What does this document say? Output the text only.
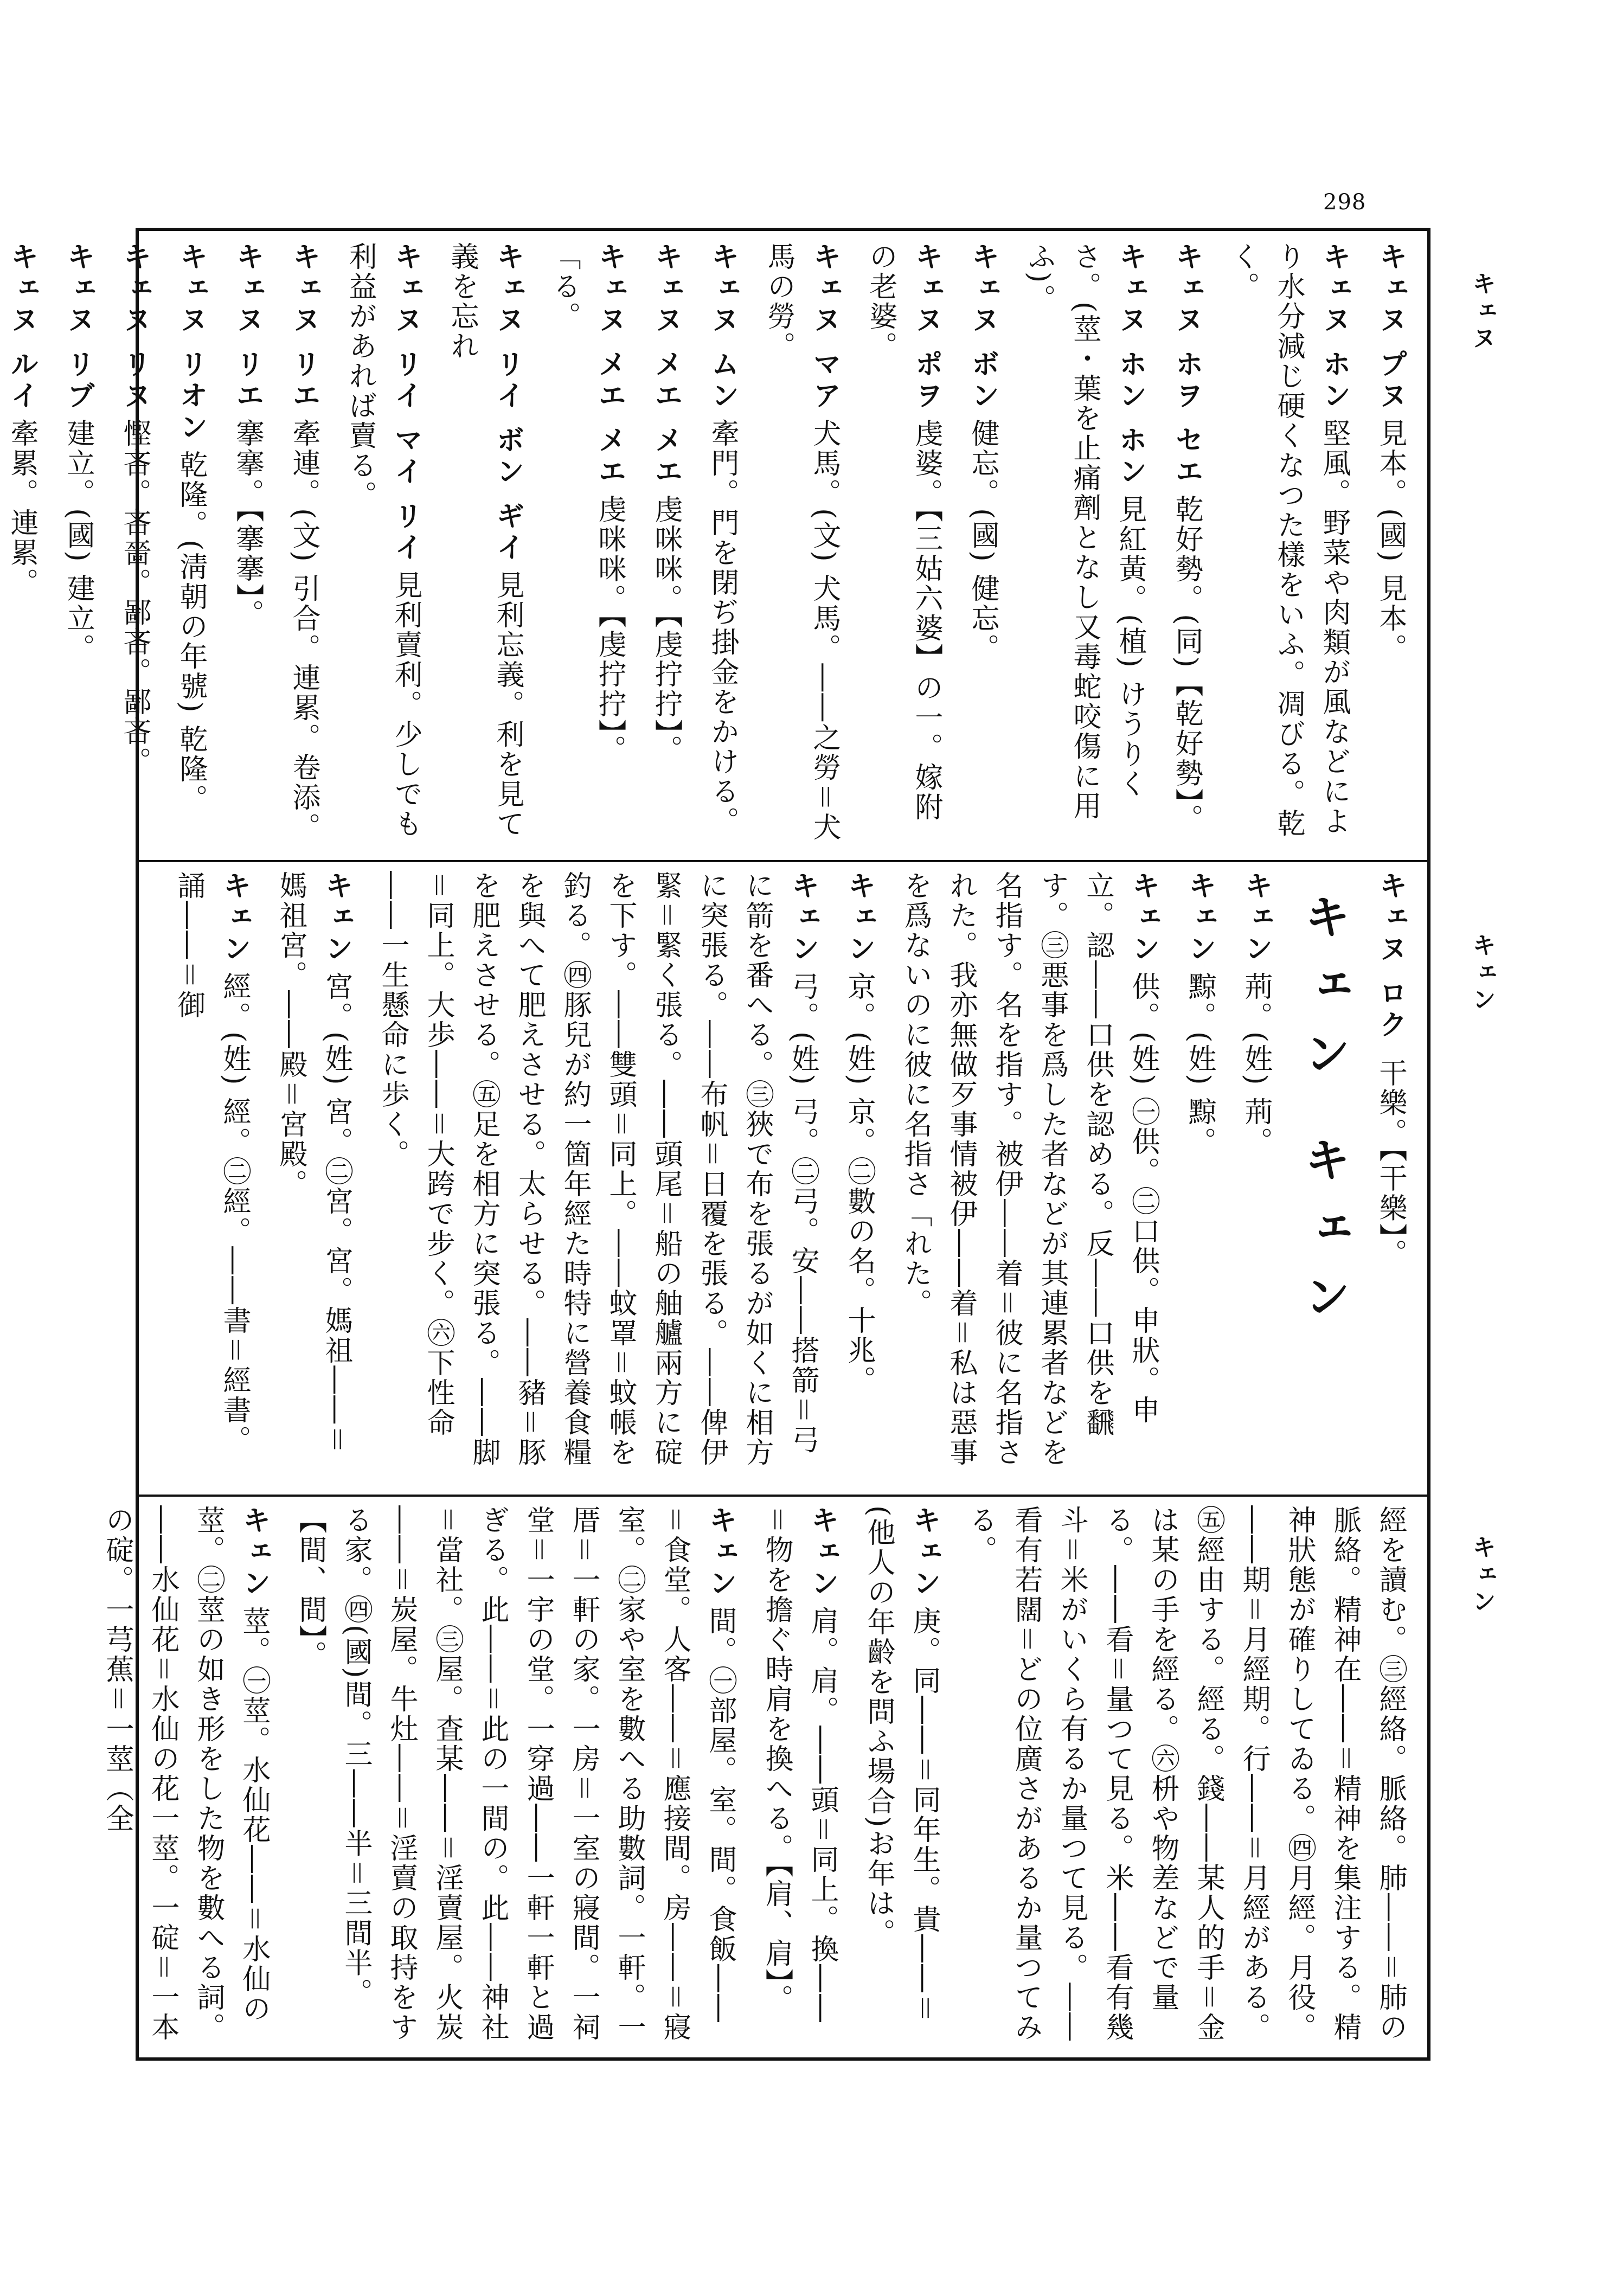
298
キェヌ
キェン
キェン
キェヌ プヌ見本。(國) 見本。
キェヌ ホン堅風。野菜や肉類が風などにより水分減じ硬くなつた樣をいふ。凋びる。乾く。
キェヌ ホヲ セエ乾好勢。(同)【乾好勢】。
キェヌ ホン ホン見紅黃。(植) けうりくさ。(莖・葉を止痛劑となし又毒蛇咬傷に用ふ)。
キェヌ ボン健忘。(國) 健忘。
キェヌ ポヲ虔婆。【三姑六婆】の一。嫁附の老婆。
キェヌ マア犬馬。(文) 犬馬。――之勞＝犬馬の勞。
キェヌ ムン牽門。門を閉ぢ掛金をかける。
キェヌ メエ メエ虔咪咪。【虔拧拧】。
キェヌ メエ メエ虔咪咪。【虔拧拧】。 「る。
キェヌ リイ ボン ギイ見利忘義。利を見て義を忘れ
キェヌ リイ マイ リイ見利賣利。少しでも利益があれば賣る。
キェヌ リエ牽連。(文) 引合。連累。卷添。
キェヌ リエ搴搴。【搴搴】。
キェヌ リオン乾隆。(淸朝の年號) 乾隆。
キェヌ リヌ慳吝。吝嗇。鄙吝。鄙吝。
キェヌ リブ建立。(國) 建立。
キェヌ ルイ牽累。連累。
キェヌ ロク 干樂。【干樂】。
キェン キェン
キェン荊。(姓) 荊。
キェン黥。(姓) 黥。
キェン供。(姓) ㊀供。㊁口供。申狀。申立。認――口供を認める。反――口供を飜す。㊂悪事を爲した者などが其連累者などを名指す。名を指す。被伊――着＝彼に名指された。我亦無做歹事情被伊――着＝私は惡事を爲ないのに彼に名指さ「れた。
キェン京。(姓) 京。㊁數の名。十兆。
キェン弓。(姓) 弓。㊁弓。安――搭箭＝弓に箭を番へる。㊂狹で布を張るが如くに相方に突張る。――布帆＝日覆を張る。――俾伊緊＝緊く張る。――頭尾＝船の舳艫兩方に碇を下す。――雙頭＝同上。――蚊罩＝蚊帳を釣る。㊃豚兒が約一箇年經た時特に營養食糧を與へて肥えさせる。太らせる。――豬＝豚を肥えさせる。㊄足を相方に突張る。――脚＝同上。大歩――＝大跨で步く。㊅下性命――一生懸命に歩く。
キェン宮。(姓) 宮。㊁宮。宮。媽祖――＝媽祖宮。――殿＝宮殿。
キェン經。(姓) 經。㊁經。――書＝經書。誦――＝御
經を讀む。㊂經絡。脈絡。肺――＝肺の脈絡。精神在――＝精神を集注する。精神狀態が確りしてゐる。㊃月經。月役。――期＝月經期。行――＝月經がある。㊄經由する。經る。錢――某人的手＝金は某の手を經る。㊅枡や物差などで量る。――看＝量つて見る。米――看有幾斗＝米がいくら有るか量つて見る。――看有若闊＝どの位廣さがあるか量つてみる。
キェン庚。同――＝同年生。貴――＝(他人の年齡を問ふ場合)お年は。
キェン肩。肩。――頭＝同上。換――＝物を擔ぐ時肩を換へる。【肩、肩】。
キェン間。㊀部屋。室。間。食飯――＝食堂。人客――＝應接間。房――＝寢室。㊁家や室を數へる助數詞。一軒。一厝＝一軒の家。一房＝一室の寢間。一祠堂＝一宇の堂。一穿過――一軒一軒と過ぎる。此――＝此の一間の。此――神社＝當社。㊂屋。査某――＝淫賣屋。火炭――＝炭屋。牛灶――＝淫賣の取持をする家。㊃(國)間。三――半＝三間半。【間、間】。
キェン莖。㊀莖。水仙花――＝水仙の莖。㊁莖の如き形をした物を數へる詞。――水仙花＝水仙の花一莖。一碇＝一本の碇。一芎蕉＝一莖（全
